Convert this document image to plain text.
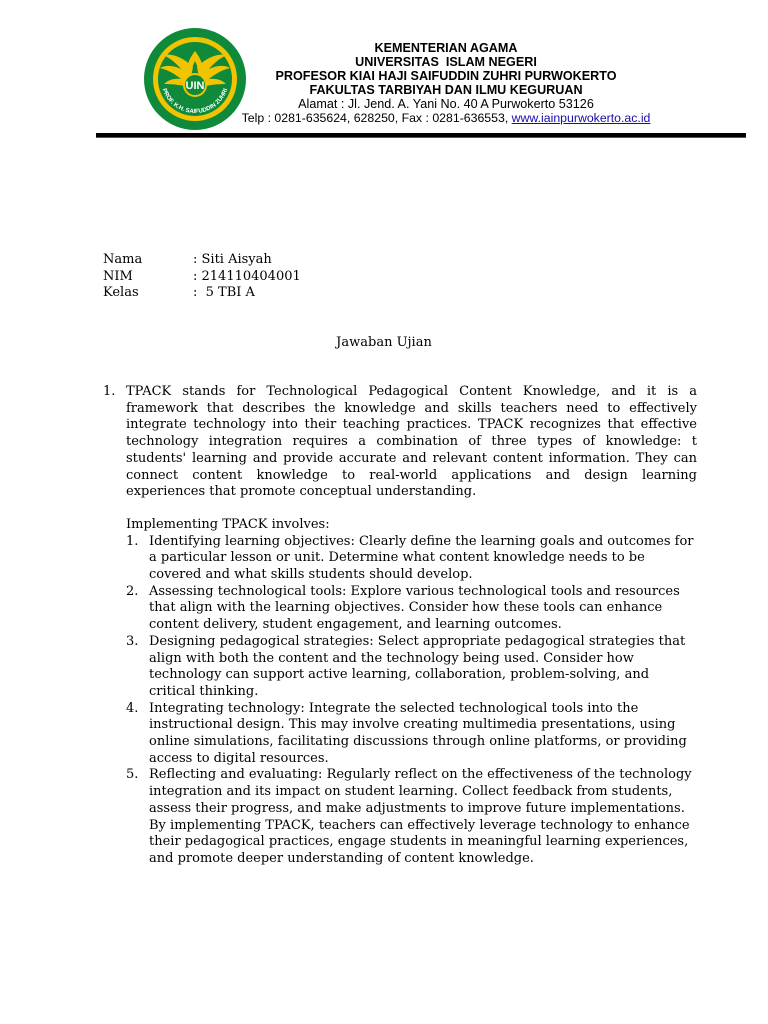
UIN
PROF. K.H. SAIFUDDIN ZUHRI
KEMENTERIAN AGAMA
UNIVERSITAS  ISLAM NEGERI
PROFESOR KIAI HAJI SAIFUDDIN ZUHRI PURWOKERTO
FAKULTAS TARBIYAH DAN ILMU KEGURUAN
Alamat : Jl. Jend. A. Yani No. 40 A Purwokerto 53126
Telp : 0281-635624, 628250, Fax : 0281-636553, www.iainpurwokerto.ac.id
Nama	: Siti Aisyah
NIM	: 214110404001
Kelas	:  5 TBI A
Jawaban Ujian
1. TPACK stands for Technological Pedagogical Content Knowledge, and it is a framework that describes the knowledge and skills teachers need to effectively integrate technology into their teaching practices. TPACK recognizes that effective technology integration requires a combination of three types of knowledge: t students' learning and provide accurate and relevant content information. They can connect content knowledge to real-world applications and design learning experiences that promote conceptual understanding.
Implementing TPACK involves:
1. Identifying learning objectives: Clearly define the learning goals and outcomes for a particular lesson or unit. Determine what content knowledge needs to be covered and what skills students should develop.
2. Assessing technological tools: Explore various technological tools and resources that align with the learning objectives. Consider how these tools can enhance content delivery, student engagement, and learning outcomes.
3. Designing pedagogical strategies: Select appropriate pedagogical strategies that align with both the content and the technology being used. Consider how technology can support active learning, collaboration, problem-solving, and critical thinking.
4. Integrating technology: Integrate the selected technological tools into the instructional design. This may involve creating multimedia presentations, using online simulations, facilitating discussions through online platforms, or providing access to digital resources.
5. Reflecting and evaluating: Regularly reflect on the effectiveness of the technology integration and its impact on student learning. Collect feedback from students, assess their progress, and make adjustments to improve future implementations.
By implementing TPACK, teachers can effectively leverage technology to enhance their pedagogical practices, engage students in meaningful learning experiences, and promote deeper understanding of content knowledge.
